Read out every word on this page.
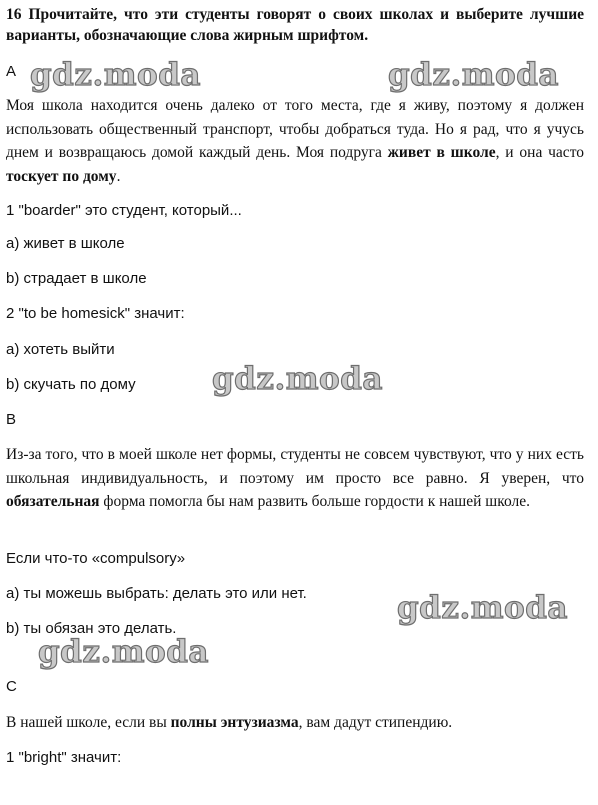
16 Прочитайте, что эти студенты говорят о своих школах и выберите лучшие варианты, обозначающие слова жирным шрифтом.
A
Моя школа находится очень далеко от того места, где я живу, поэтому я должен использовать общественный транспорт, чтобы добраться туда. Но я рад, что я учусь днем и возвращаюсь домой каждый день. Моя подруга живет в школе, и она часто тоскует по дому.
1 "boarder" это студент, который...
a) живет в школе
b) страдает в школе
2 "to be homesick" значит:
a) хотеть выйти
b) скучать по дому
B
Из-за того, что в моей школе нет формы, студенты не совсем чувствуют, что у них есть школьная индивидуальность, и поэтому им просто все равно. Я уверен, что обязательная форма помогла бы нам развить больше гордости к нашей школе.
Если что-то «compulsory»
a) ты можешь выбрать: делать это или нет.
b) ты обязан это делать.
C
В нашей школе, если вы полны энтузиазма, вам дадут стипендию.
1 "bright" значит:
gdz.moda	gdz.moda
gdz.moda
gdz.moda
gdz.moda
